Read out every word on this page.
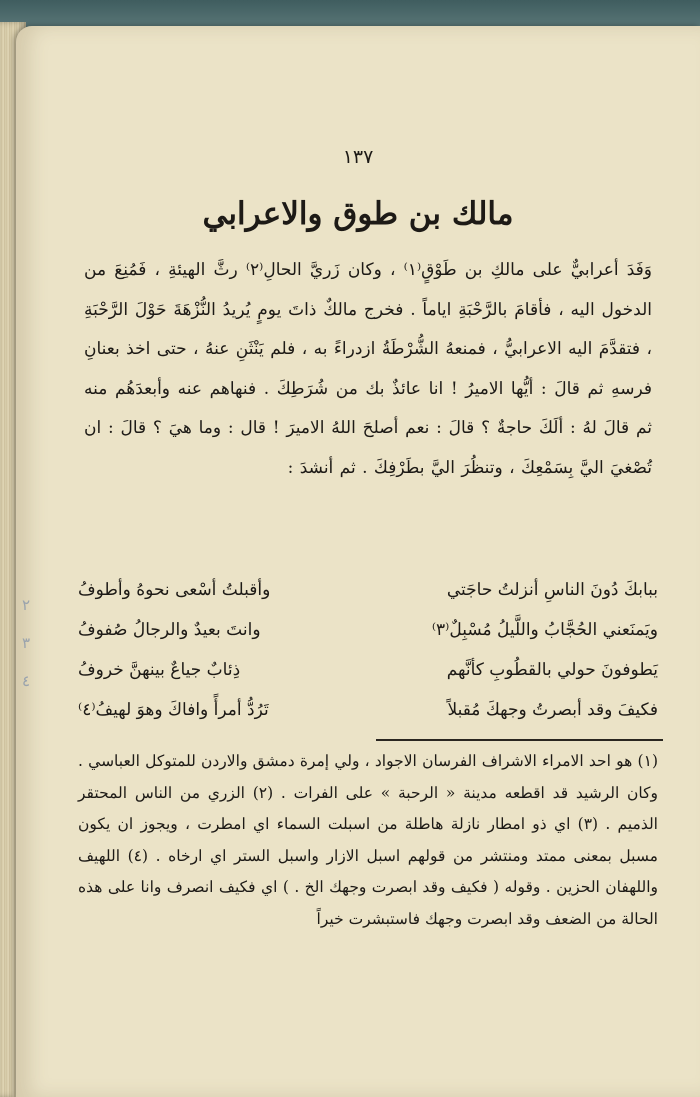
١٣٧
مالك بن طوق والاعرابي
وَفَدَ أعرابيٌّ على مالكِ بن طَوْقٍ⁽١⁾ ، وكان زَريَّ الحالِ⁽٢⁾ رثَّ الهيئةِ ، فَمُنِعَ من الدخول اليه ، فأقامَ بالرَّحْبَةِ اياماً . فخرج مالكٌ ذاتَ يومٍ يُريدُ النُّزْهَةَ حَوْلَ الرَّحْبَةِ ، فتقدَّمَ اليه الاعرابيُّ ، فمنعهُ الشُّرْطَةُ ازدراءً به ، فلم يَنْثَنِ عنهُ ، حتى اخذ بعنانِ فرسهِ ثم قالَ : أيُّها الاميرُ ! انا عائذٌ بك من شُرَطِكَ . فنهاهم عنه وأبعدَهُم منه ثم قالَ لهُ : ألَكَ حاجةٌ ؟ قالَ : نعم أصلحَ اللهُ الاميرَ ! قال : وما هيَ ؟ قالَ : ان تُصْغيَ اليَّ بِسَمْعِكَ ، وتنظُرَ اليَّ بطَرْفِكَ . ثم أنشدَ :
ببابكَ دُونَ الناسِ أنزلتُ حاجَتي
وأقبلتُ أسْعى نحوهُ وأطوفُ
ويَمنَعني الحُجَّابُ واللَّيلُ مُسْبِلٌ⁽٣⁾
وانتَ بعيدٌ والرجالُ صُفوفُ
يَطوفونَ حولي بالقطُوبِ كأنَّهم
ذِئابٌ جياعٌ بينهنَّ خروفُ
فكيفَ وقد أبصرتُ وجهكَ مُقبلاً
تَرُدُّ أمرأً وافاكَ وهوَ لهيفُ⁽٤⁾
٢
٣
٤

(١) هو احد الامراء الاشراف الفرسان الاجواد ، ولي إمرة دمشق والاردن للمتوكل العباسي . وكان الرشيد قد اقطعه مدينة « الرحبة » على الفرات . (٢) الزري من الناس المحتقر الذميم . (٣) اي ذو امطار نازلة هاطلة من اسبلت السماء اي امطرت ، ويجوز ان يكون مسبل بمعنى ممتد ومنتشر من قولهم اسبل الازار واسبل الستر اي ارخاه . (٤) اللهيف واللهفان الحزين . وقوله ( فكيف وقد ابصرت وجهك الخ . ) اي فكيف انصرف وانا على هذه الحالة من الضعف وقد ابصرت وجهك فاستبشرت خيراً
